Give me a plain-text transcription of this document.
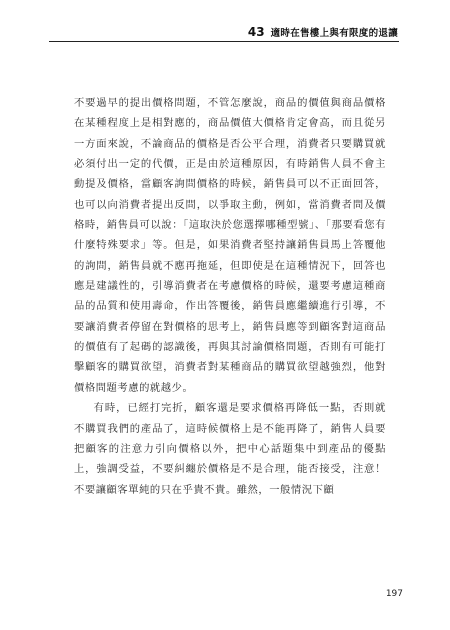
43 適時在售樓上與有限度的退讓

不要過早的提出價格問題，不管怎麼說，商品的價值與商品價格在某種程度上是相對應的，商品價值大價格肯定會高，而且從另一方面來說，不論商品的價格是否公平合理，消費者只要購買就必須付出一定的代價，正是由於這種原因，有時銷售人員不會主動提及價格，當顧客詢問價格的時候，銷售員可以不正面回答，也可以向消費者提出反問，以爭取主動，例如，當消費者問及價格時，銷售員可以說：「這取決於您選擇哪種型號」、「那要看您有什麼特殊要求」等。但是，如果消費者堅持讓銷售員馬上答覆他的詢問，銷售員就不應再拖延，但即使是在這種情況下，回答也應是建議性的，引導消費者在考慮價格的時候，還要考慮這種商品的品質和使用壽命，作出答覆後，銷售員應繼續進行引導，不要讓消費者停留在對價格的思考上，銷售員應等到顧客對這商品的價值有了起碼的認識後，再與其討論價格問題，否則有可能打擊顧客的購買欲望，消費者對某種商品的購買欲望越強烈，他對價格問題考慮的就越少。

有時，已經打完折，顧客還是要求價格再降低一點，否則就不購買我們的產品了，這時候價格上是不能再降了，銷售人員要把顧客的注意力引向價格以外，把中心話題集中到產品的優點上，強調受益，不要糾纏於價格是不是合理，能否接受，注意！不要讓顧客單純的只在乎貴不貴。雖然，一般情況下顧

197
